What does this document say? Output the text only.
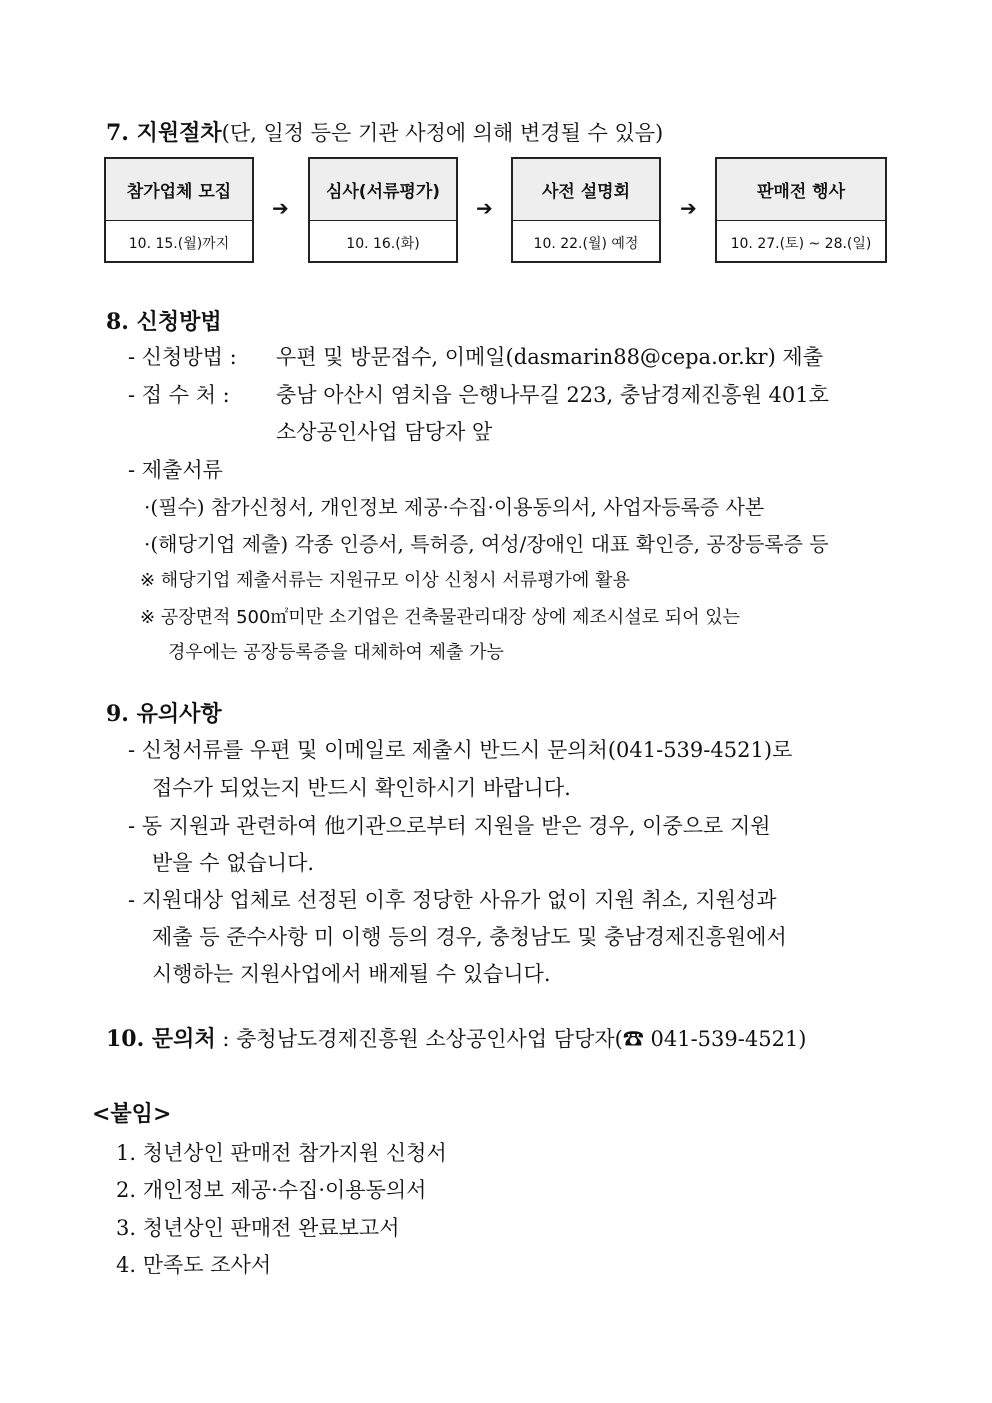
7. 지원절차(단, 일정 등은 기관 사정에 의해 변경될 수 있음)
참가업체 모집
10. 15.(월)까지
➔
심사(서류평가)
10. 16.(화)
➔
사전 설명회
10. 22.(월) 예정
➔
판매전 행사
10. 27.(토) ~ 28.(일)
8. 신청방법
- 신청방법 : 우편 및 방문접수, 이메일(dasmarin88@cepa.or.kr) 제출
- 접 수 처 : 충남 아산시 염치읍 은행나무길 223, 충남경제진흥원 401호
소상공인사업 담당자 앞
- 제출서류
·(필수) 참가신청서, 개인정보 제공·수집·이용동의서, 사업자등록증 사본
·(해당기업 제출) 각종 인증서, 특허증, 여성/장애인 대표 확인증, 공장등록증 등
※ 해당기업 제출서류는 지원규모 이상 신청시 서류평가에 활용
※ 공장면적 500㎡미만 소기업은 건축물관리대장 상에 제조시설로 되어 있는
경우에는 공장등록증을 대체하여 제출 가능
9. 유의사항
- 신청서류를 우편 및 이메일로 제출시 반드시 문의처(041-539-4521)로
접수가 되었는지 반드시 확인하시기 바랍니다.
- 동 지원과 관련하여 他기관으로부터 지원을 받은 경우, 이중으로 지원
받을 수 없습니다.
- 지원대상 업체로 선정된 이후 정당한 사유가 없이 지원 취소, 지원성과
제출 등 준수사항 미 이행 등의 경우, 충청남도 및 충남경제진흥원에서
시행하는 지원사업에서 배제될 수 있습니다.
10. 문의처 : 충청남도경제진흥원 소상공인사업 담당자(☎ 041-539-4521)
<붙임>
1. 청년상인 판매전 참가지원 신청서
2. 개인정보 제공·수집·이용동의서
3. 청년상인 판매전 완료보고서
4. 만족도 조사서
